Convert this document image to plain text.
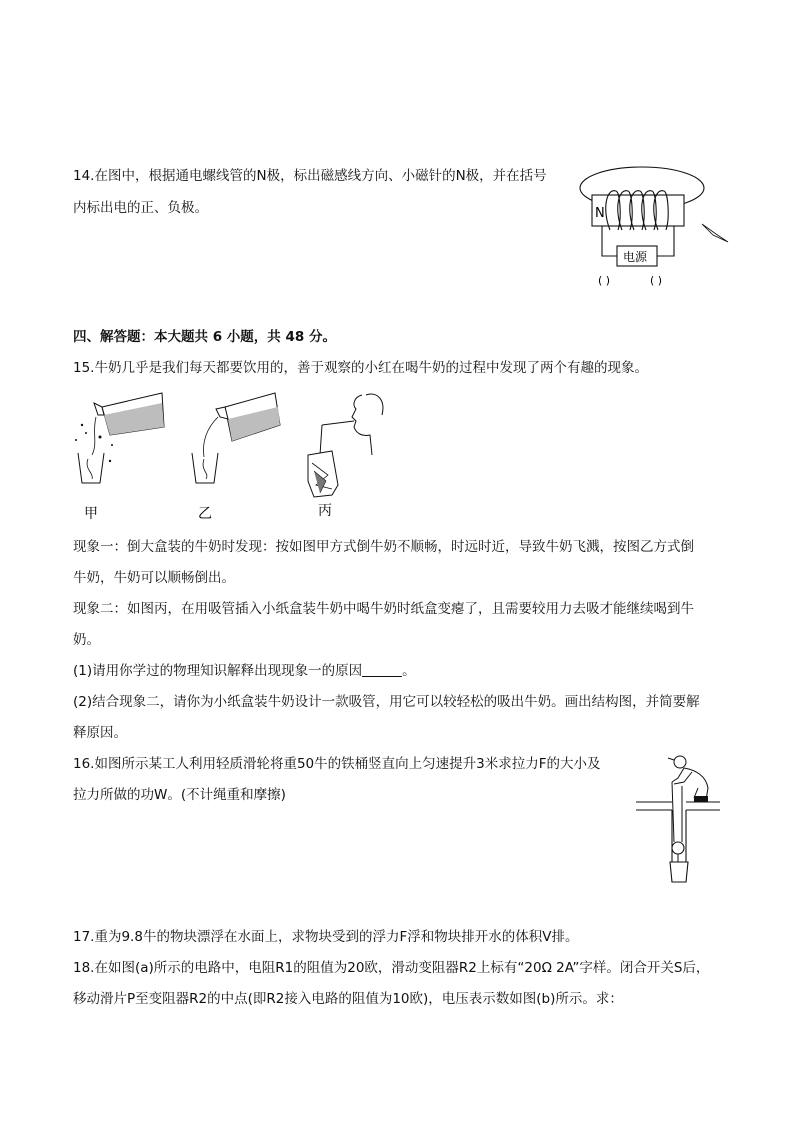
14.在图中，根据通电螺线管的N极，标出磁感线方向、小磁针的N极，并在括号
内标出电的正、负极。	N
电源
( )	( )
四、解答题：本大题共 6 小题，共 48 分。
15.牛奶几乎是我们每天都要饮用的，善于观察的小红在喝牛奶的过程中发现了两个有趣的现象。
甲	乙	丙
现象一：倒大盒装的牛奶时发现：按如图甲方式倒牛奶不顺畅，时远时近，导致牛奶飞溅，按图乙方式倒
牛奶，牛奶可以顺畅倒出。
现象二：如图丙，在用吸管插入小纸盒装牛奶中喝牛奶时纸盒变瘪了，且需要较用力去吸才能继续喝到牛
奶。
(1)请用你学过的物理知识解释出现现象一的原因	。
(2)结合现象二，请你为小纸盒装牛奶设计一款吸管，用它可以较轻松的吸出牛奶。画出结构图，并简要解
释原因。
16.如图所示某工人利用轻质滑轮将重50牛的铁桶竖直向上匀速提升3米求拉力F的大小及
拉力所做的功W。(不计绳重和摩擦)
17.重为9.8牛的物块漂浮在水面上，求物块受到的浮力F浮和物块排开水的体积V排。
18.在如图(a)所示的电路中，电阻R1的阻值为20欧，滑动变阻器R2上标有“20Ω 2A”字样。闭合开关S后，
移动滑片P至变阻器R2的中点(即R2接入电路的阻值为10欧)，电压表示数如图(b)所示。求：
